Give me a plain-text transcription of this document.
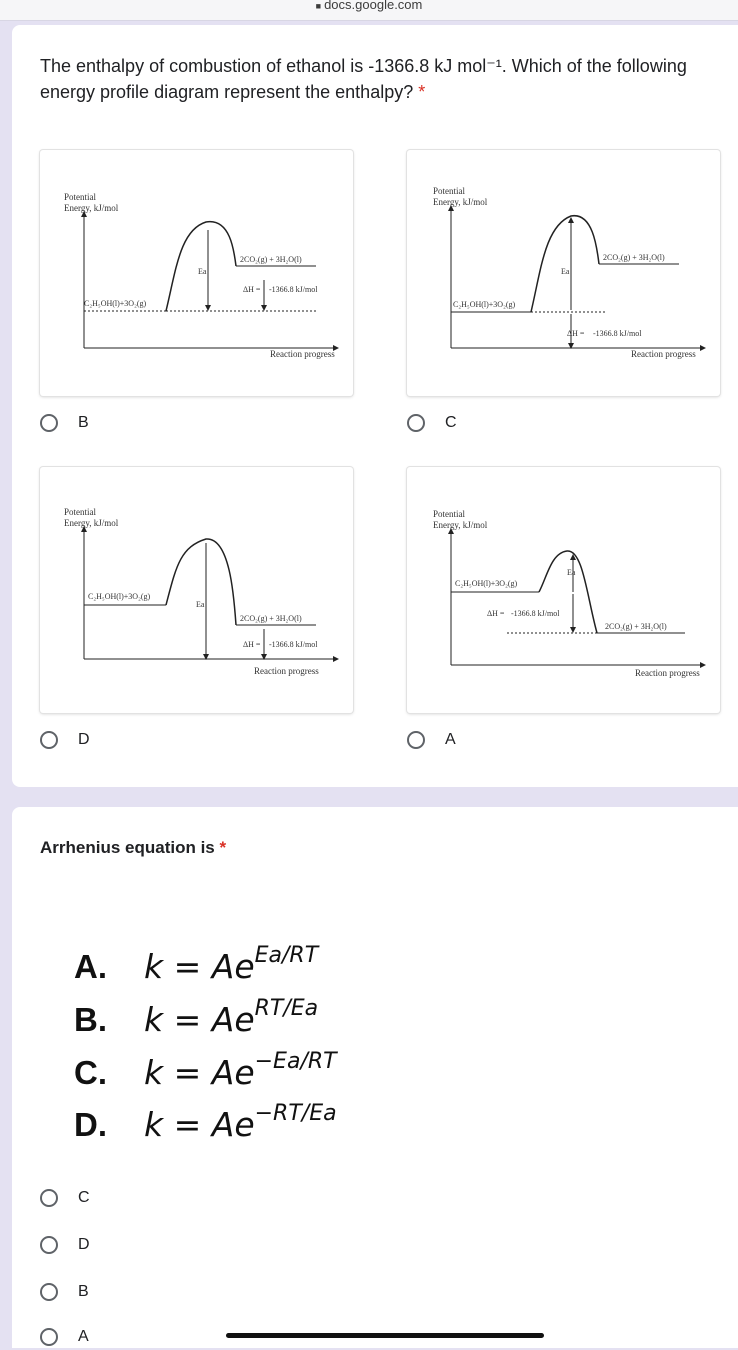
■ docs.google.com
The enthalpy of combustion of ethanol is -1366.8 kJ mol⁻¹. Which of the following energy profile diagram represent the enthalpy? *
Potential
Energy, kJ/mol
Reaction progress
Ea
2CO₂(g) + 3H₂O(l)
C₂H₅OH(l)+3O₂(g)
ΔH = -1366.8 kJ/mol
Potential
Energy, kJ/mol
Reaction progress
Ea
2CO₂(g) + 3H₂O(l)
C₂H₅OH(l)+3O₂(g)
ΔH = -1366.8 kJ/mol
B	C
Potential
Energy, kJ/mol
Reaction progress
Ea
2CO₂(g) + 3H₂O(l)
C₂H₅OH(l)+3O₂(g)
ΔH = -1366.8 kJ/mol
Potential
Energy, kJ/mol
Reaction progress
Ea
ΔH = -1366.8 kJ/mol
C₂H₅OH(l)+3O₂(g)
2CO₂(g) + 3H₂O(l)
D	A
Arrhenius equation is *
A. $k = Ae^{Ea/RT}$
B. $k = Ae^{RT/Ea}$
C. $k = Ae^{-Ea/RT}$
D. $k = Ae^{-RT/Ea}$
C
D
B
A
